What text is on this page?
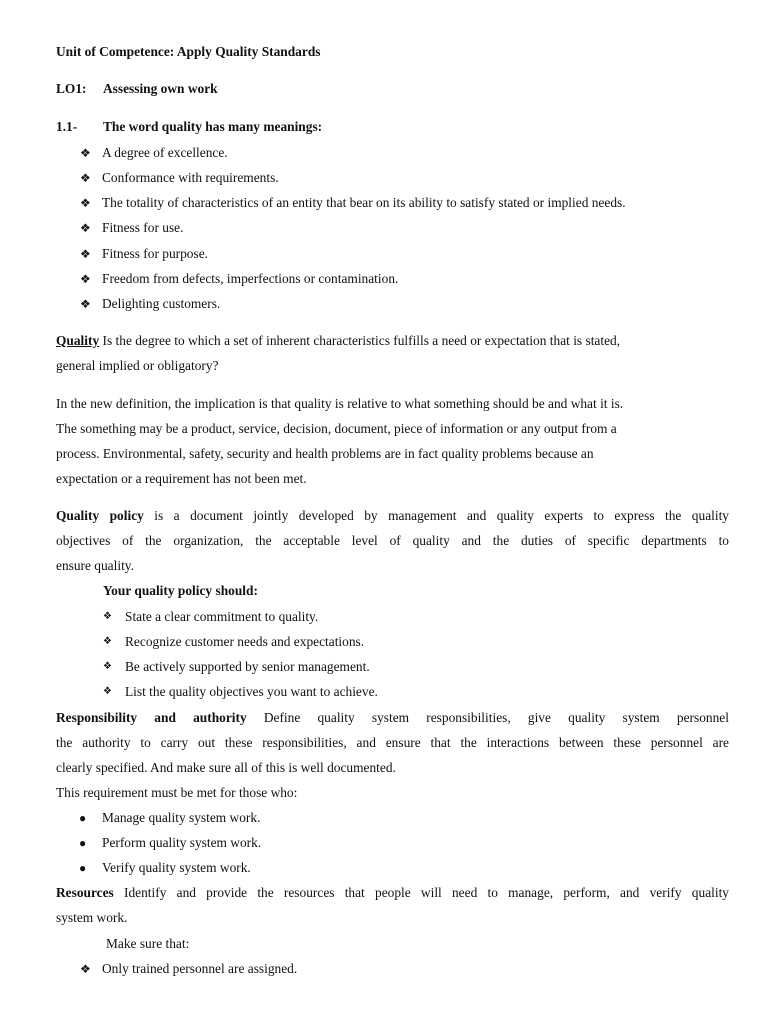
Unit of Competence: Apply Quality Standards
LO1: Assessing own work
1.1- The word quality has many meanings:
❖ A degree of excellence.
❖ Conformance with requirements.
❖ The totality of characteristics of an entity that bear on its ability to satisfy stated or implied needs.
❖ Fitness for use.
❖ Fitness for purpose.
❖ Freedom from defects, imperfections or contamination.
❖ Delighting customers.
Quality Is the degree to which a set of inherent characteristics fulfills a need or expectation that is stated,
general implied or obligatory?
In the new definition, the implication is that quality is relative to what something should be and what it is.
The something may be a product, service, decision, document, piece of information or any output from a
process. Environmental, safety, security and health problems are in fact quality problems because an
expectation or a requirement has not been met.
Quality policy is a document jointly developed by management and quality experts to express the quality
objectives of the organization, the acceptable level of quality and the duties of specific departments to
ensure quality.
Your quality policy should:
❖ State a clear commitment to quality.
❖ Recognize customer needs and expectations.
❖ Be actively supported by senior management.
❖ List the quality objectives you want to achieve.
Responsibility and authority Define quality system responsibilities, give quality system personnel
the authority to carry out these responsibilities, and ensure that the interactions between these personnel are
clearly specified. And make sure all of this is well documented.
This requirement must be met for those who:
● Manage quality system work.
● Perform quality system work.
● Verify quality system work.
Resources Identify and provide the resources that people will need to manage, perform, and verify quality
system work.
Make sure that:
❖ Only trained personnel are assigned.
